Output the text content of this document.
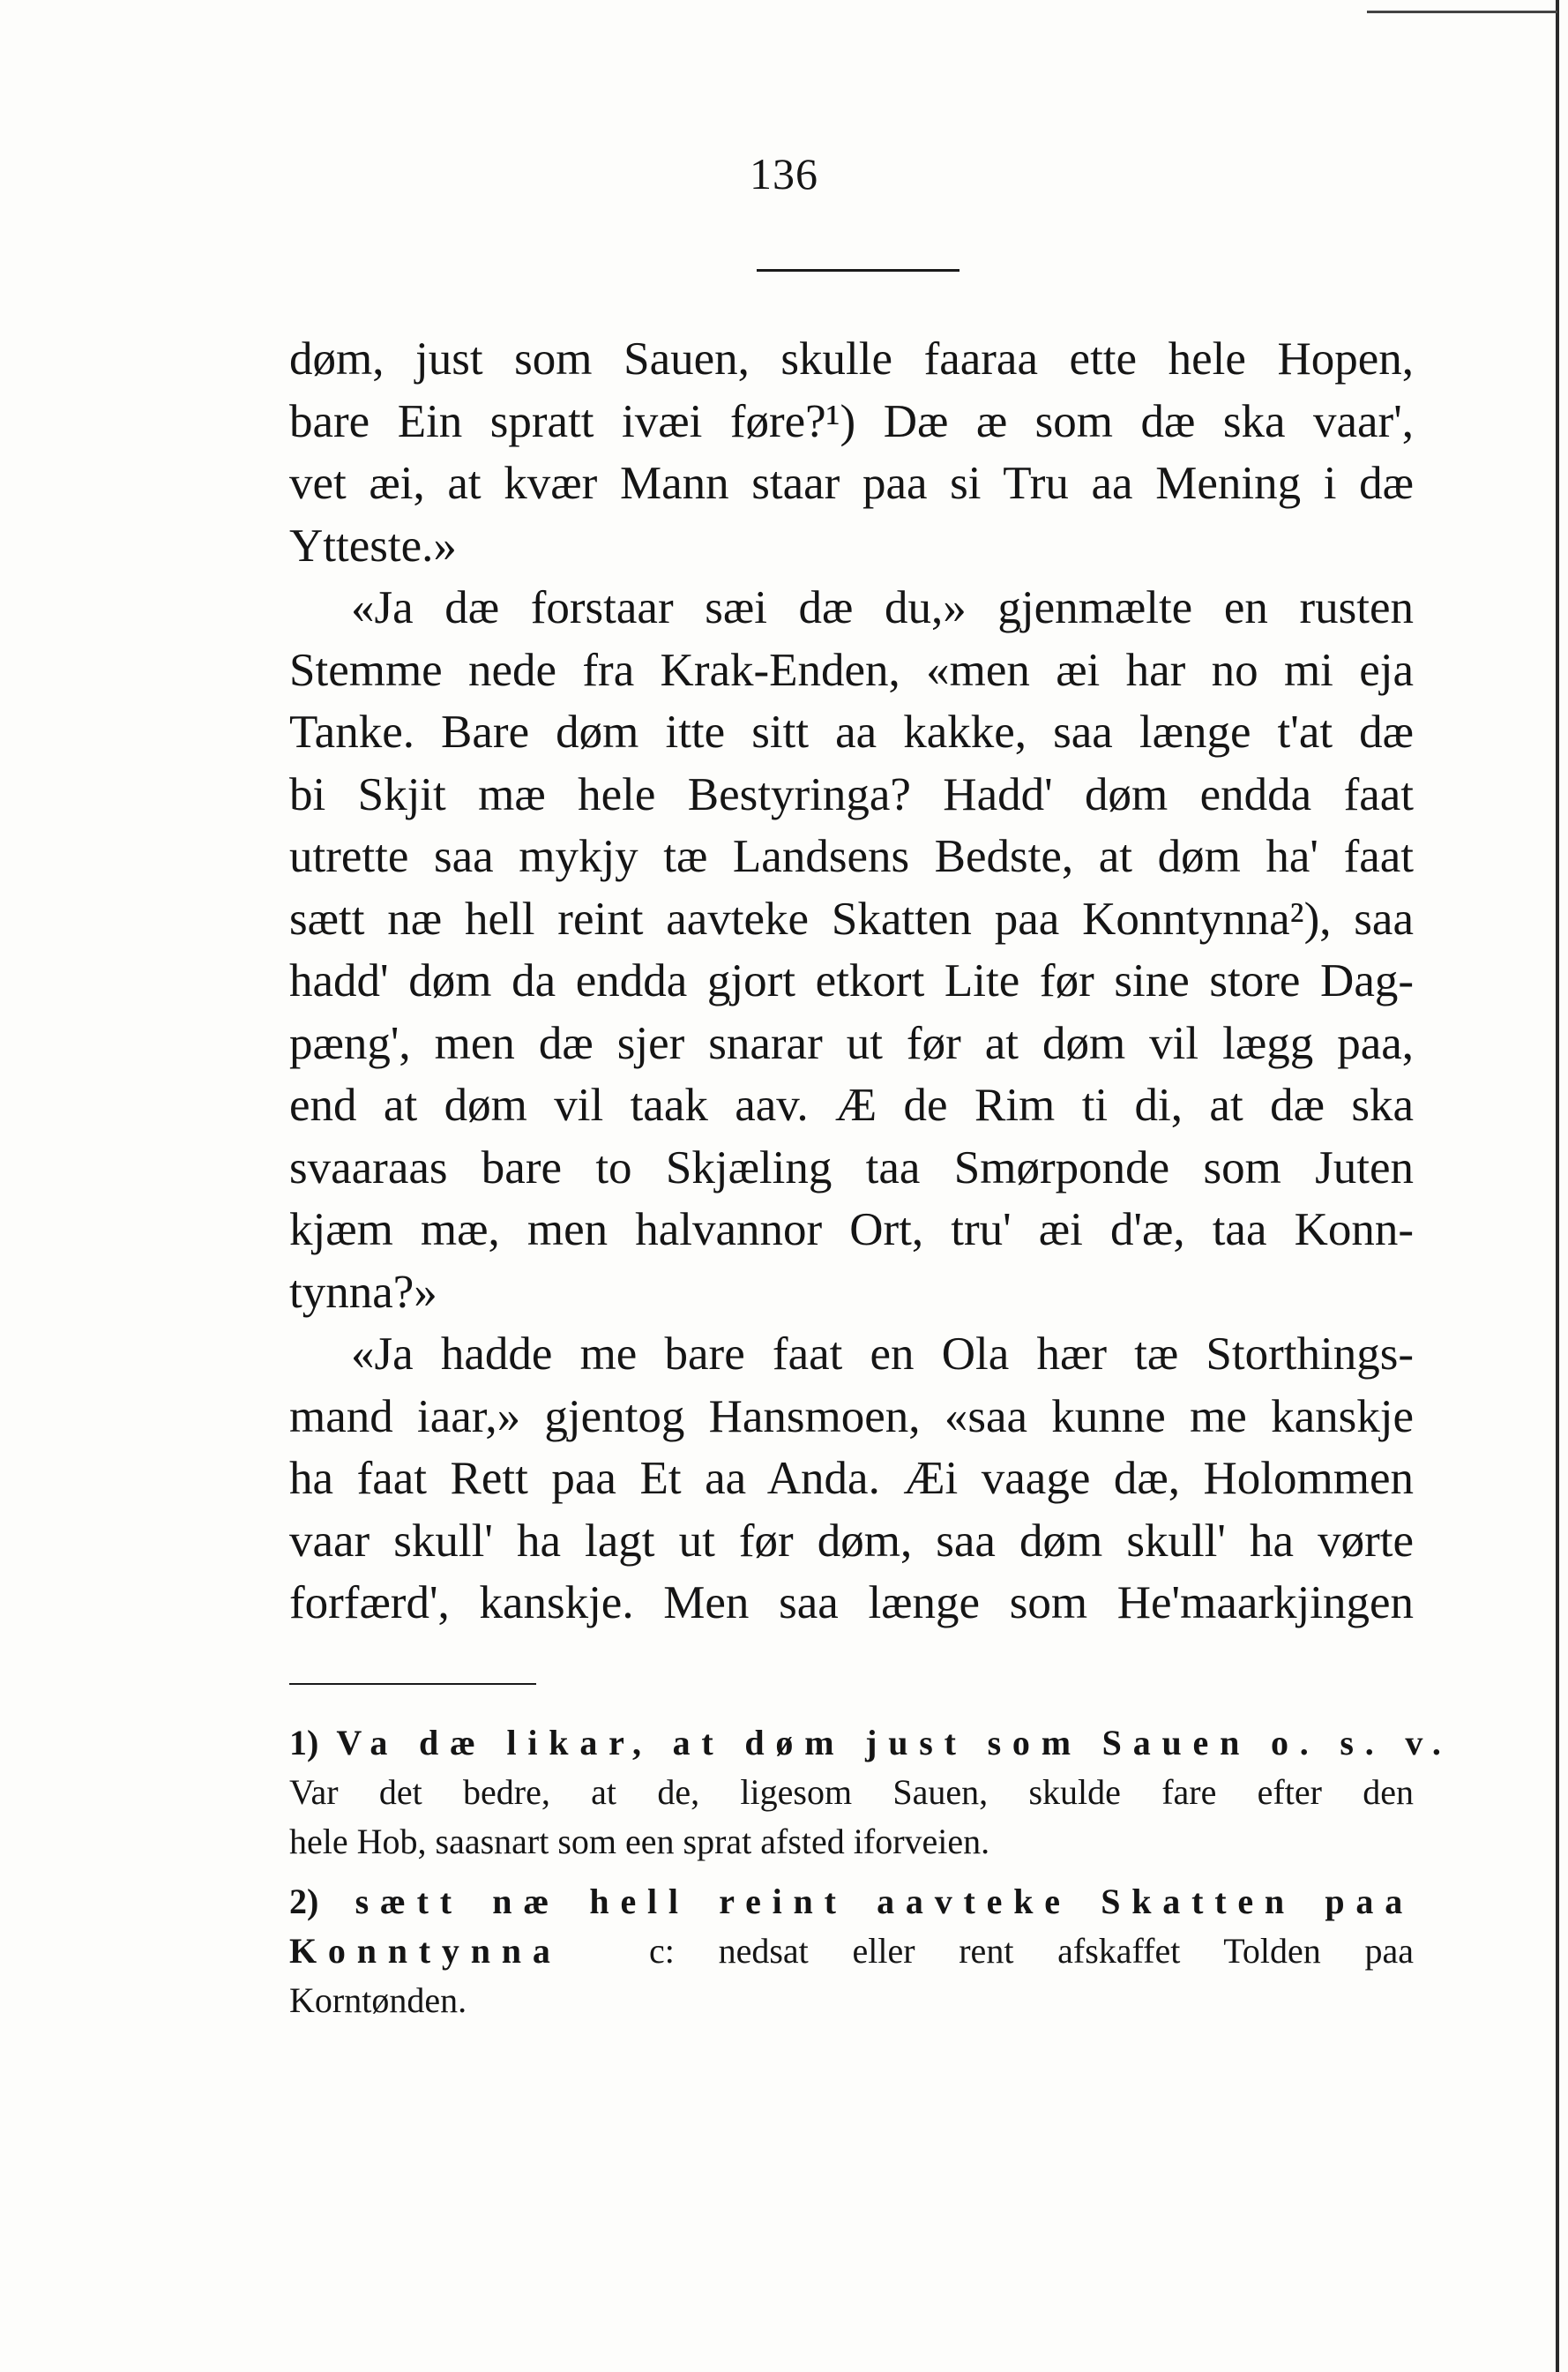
136
døm, just som Sauen, skulle faaraa ette hele Hopen,
bare Ein spratt ivæi føre?¹) Dæ æ som dæ ska vaar',
vet æi, at kvær Mann staar paa si Tru aa Mening i dæ
Ytteste.»
«Ja dæ forstaar sæi dæ du,» gjenmælte en rusten
Stemme nede fra Krak-Enden, «men æi har no mi eja
Tanke. Bare døm itte sitt aa kakke, saa længe t'at dæ
bi Skjit mæ hele Bestyringa? Hadd' døm endda faat
utrette saa mykjy tæ Landsens Bedste, at døm ha' faat
sætt næ hell reint aavteke Skatten paa Konntynna²), saa
hadd' døm da endda gjort etkort Lite før sine store Dag-
pæng', men dæ sjer snarar ut før at døm vil lægg paa,
end at døm vil taak aav. Æ de Rim ti di, at dæ ska
svaaraas bare to Skjæling taa Smørponde som Juten
kjæm mæ, men halvannor Ort, tru' æi d'æ, taa Konn-
tynna?»
«Ja hadde me bare faat en Ola hær tæ Storthings-
mand iaar,» gjentog Hansmoen, «saa kunne me kanskje
ha faat Rett paa Et aa Anda. Æi vaage dæ, Holommen
vaar skull' ha lagt ut før døm, saa døm skull' ha vørte
forfærd', kanskje. Men saa længe som He'maarkjingen
1) Va dæ likar, at døm just som Sauen o. s. v.
Var det bedre, at de, ligesom Sauen, skulde fare efter den
hele Hob, saasnart som een sprat afsted iforveien.
2) sætt næ hell reint aavteke Skatten paa
Konntynna c: nedsat eller rent afskaffet Tolden paa
Korntønden.
